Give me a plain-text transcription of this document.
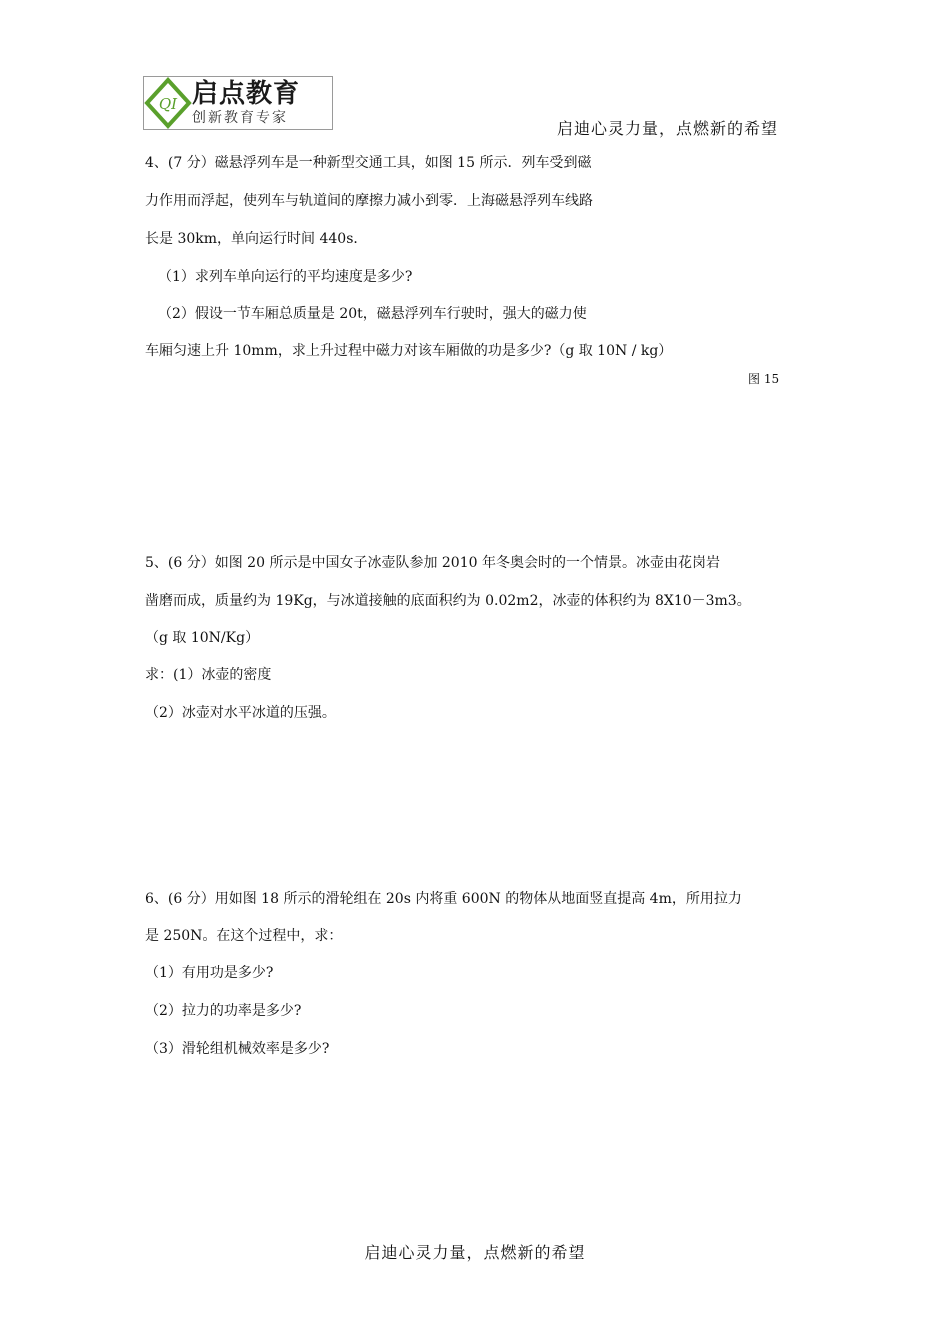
QI 启点教育
创新教育专家
启迪心灵力量，点燃新的希望
4、(7 分）磁悬浮列车是一种新型交通工具，如图 15 所示．列车受到磁
力作用而浮起，使列车与轨道间的摩擦力减小到零．上海磁悬浮列车线路
长是 30km，单向运行时间 440s．
（1）求列车单向运行的平均速度是多少?
（2）假设一节车厢总质量是 20t，磁悬浮列车行驶时，强大的磁力使
车厢匀速上升 10mm，求上升过程中磁力对该车厢做的功是多少?（g 取 10N / kg）
图 15
5、(6 分）如图 20 所示是中国女子冰壶队参加 2010 年冬奥会时的一个情景。冰壶由花岗岩
凿磨而成，质量约为 19Kg，与冰道接触的底面积约为 0.02m2，冰壶的体积约为 8X10－3m3。
（g 取 10N/Kg）
求：(1）冰壶的密度
（2）冰壶对水平冰道的压强。
6、(6 分）用如图 18 所示的滑轮组在 20s 内将重 600N 的物体从地面竖直提高 4m，所用拉力
是 250N。在这个过程中，求：
（1）有用功是多少?
（2）拉力的功率是多少?
（3）滑轮组机械效率是多少?
启迪心灵力量，点燃新的希望
